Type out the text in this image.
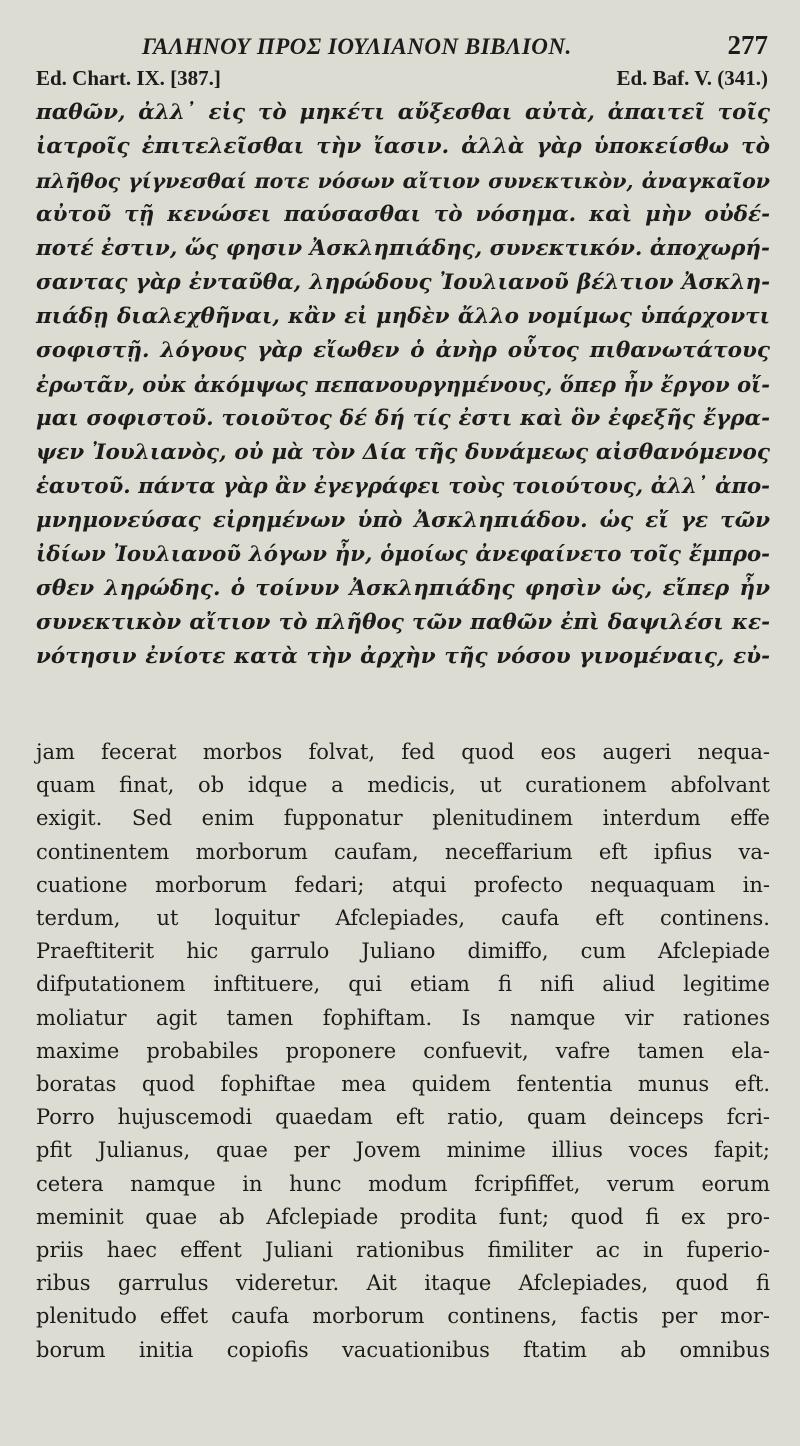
ΓΑΛΗΝΟΥ ΠΡΟΣ ΙΟΥΛΙΑΝΟΝ ΒΙΒΛΙΟΝ.	277
Ed. Chart. IX. [387.]	Ed. Baf. V. (341.)
παθῶν, ἀλλ᾽ εἰς τὸ μηκέτι αὔξεσθαι αὐτὰ, ἀπαιτεῖ τοῖς
ἰατροῖς ἐπιτελεῖσθαι τὴν ἴασιν. ἀλλὰ γὰρ ὑποκείσθω τὸ
πλῆθος γίγνεσθαί ποτε νόσων αἴτιον συνεκτικὸν, ἀναγκαῖον
αὐτοῦ τῇ κενώσει παύσασθαι τὸ νόσημα. καὶ μὴν οὐδέ-
ποτέ ἐστιν, ὥς φησιν Ἀσκληπιάδης, συνεκτικόν. ἀποχωρή-
σαντας γὰρ ἐνταῦθα, ληρώδους Ἰουλιανοῦ βέλτιον Ἀσκλη-
πιάδῃ διαλεχθῆναι, κἂν εἰ μηδὲν ἄλλο νομίμως ὑπάρχοντι
σοφιστῇ. λόγους γὰρ εἴωθεν ὁ ἀνὴρ οὗτος πιθανωτάτους
ἐρωτᾶν, οὐκ ἀκόμψως πεπανουργημένους, ὅπερ ἦν ἔργον οἴ-
μαι σοφιστοῦ. τοιοῦτος δέ δή τίς ἐστι καὶ ὃν ἐφεξῆς ἔγρα-
ψεν Ἰουλιανὸς, οὐ μὰ τὸν Δία τῆς δυνάμεως αἰσθανόμενος
ἑαυτοῦ. πάντα γὰρ ἂν ἐγεγράφει τοὺς τοιούτους, ἀλλ᾽ ἀπο-
μνημονεύσας εἰρημένων ὑπὸ Ἀσκληπιάδου. ὡς εἴ γε τῶν
ἰδίων Ἰουλιανοῦ λόγων ἦν, ὁμοίως ἀνεφαίνετο τοῖς ἔμπρο-
σθεν ληρώδης. ὁ τοίνυν Ἀσκληπιάδης φησὶν ὡς, εἴπερ ἦν
συνεκτικὸν αἴτιον τὸ πλῆθος τῶν παθῶν ἐπὶ δαψιλέσι κε-
νότησιν ἐνίοτε κατὰ τὴν ἀρχὴν τῆς νόσου γινομέναις, εὐ-
jam fecerat morbos folvat, fed quod eos augeri nequa-
quam finat, ob idque a medicis, ut curationem abfolvant
exigit. Sed enim fupponatur plenitudinem interdum effe
continentem morborum caufam, neceffarium eft ipfius va-
cuatione morborum fedari; atqui profecto nequaquam in-
terdum, ut loquitur Afclepiades, caufa eft continens.
Praeftiterit hic garrulo Juliano dimiffo, cum Afclepiade
difputationem inftituere, qui etiam fi nifi aliud legitime
moliatur agit tamen fophiftam. Is namque vir rationes
maxime probabiles proponere confuevit, vafre tamen ela-
boratas quod fophiftae mea quidem fententia munus eft.
Porro hujuscemodi quaedam eft ratio, quam deinceps fcri-
pfit Julianus, quae per Jovem minime illius voces fapit;
cetera namque in hunc modum fcripfiffet, verum eorum
meminit quae ab Afclepiade prodita funt; quod fi ex pro-
priis haec effent Juliani rationibus fimiliter ac in fuperio-
ribus garrulus videretur. Ait itaque Afclepiades, quod fi
plenitudo effet caufa morborum continens, factis per mor-
borum initia copiofis vacuationibus ftatim ab omnibus
